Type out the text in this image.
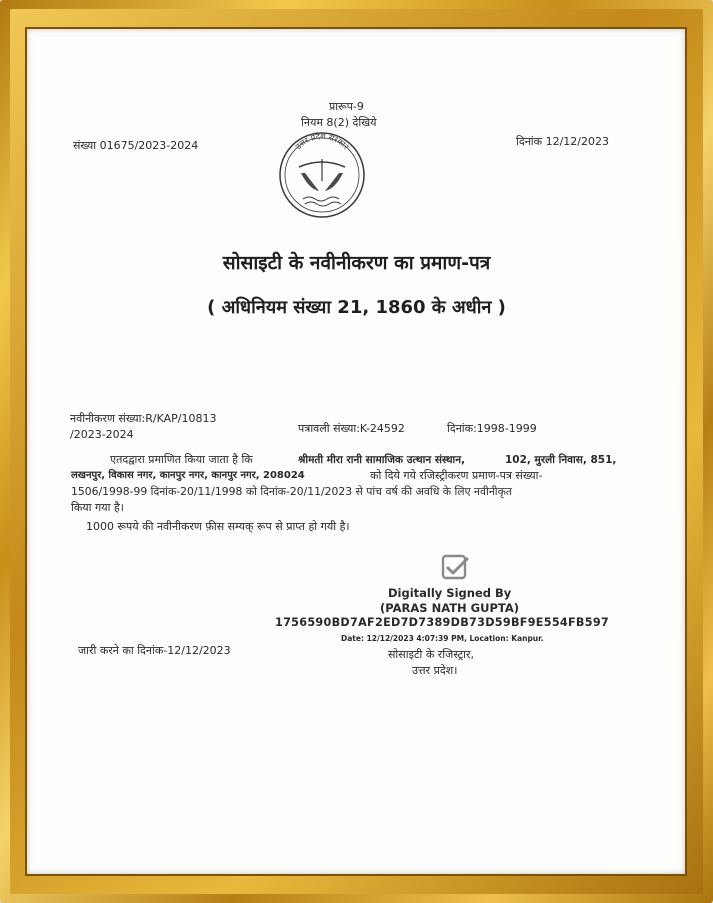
प्रारूप-9
नियम 8(2) देखिये
संख्या 01675/2023-2024	दिनांक 12/12/2023
उत्तर प्रदेश सरकार
सोसाइटी के नवीनीकरण का प्रमाण-पत्र
( अधिनियम संख्या 21, 1860 के अधीन )
नवीनीकरण संख्या:R/KAP/10813
/2023-2024	पत्रावली संख्या:K-24592	दिनांक:1998-1999
एतदद्वारा प्रमाणित किया जाता है कि	श्रीमती मीरा रानी सामाजिक उत्थान संस्थान,	102, मुरली निवास, 851,
लखनपुर, विकास नगर, कानपुर नगर, कानपुर नगर, 208024	को दिये गये रजिस्ट्रीकरण प्रमाण-पत्र संख्या-
1506/1998-99 दिनांक-20/11/1998 को दिनांक-20/11/2023 से पांच वर्ष की अवधि के लिए नवीनीकृत
किया गया है।
1000 रूपये की नवीनीकरण फ़ीस सम्यक् रूप से प्राप्त हो गयी है।
Digitally Signed By
(PARAS NATH GUPTA)
1756590BD7AF2ED7D7389DB73D59BF9E554FB597
Date: 12/12/2023 4:07:39 PM, Location: Kanpur.
जारी करने का दिनांक-12/12/2023	सोसाइटी के रजिस्ट्रार,
उत्तर प्रदेश।
